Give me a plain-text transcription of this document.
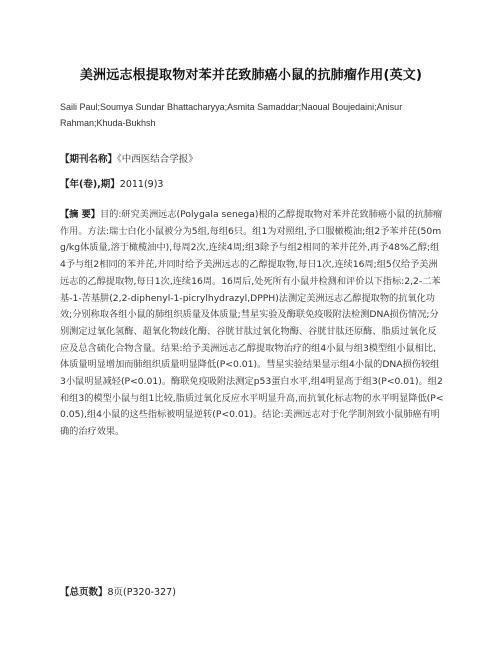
美洲远志根提取物对苯并芘致肺癌小鼠的抗肺瘤作用(英文)
Saili Paul;Soumya Sundar Bhattacharyya;Asmita Samaddar;Naoual Boujedaini;Anisur Rahman;Khuda-Bukhsh
【期刊名称】《中西医结合学报》
【年(卷),期】2011(9)3
【摘 要】目的:研究美洲远志(Polygala senega)根的乙醇提取物对苯并芘致肺癌小鼠的抗肺瘤作用。方法:瑞士白化小鼠被分为5组,每组6只。组1为对照组,予口服橄榄油;组2予苯并芘(50mg/kg体质量,溶于橄榄油中),每周2次,连续4周;组3除予与组2相同的苯并芘外,再予48%乙醇;组4予与组2相同的苯并芘,并同时给予美洲远志的乙醇提取物,每日1次,连续16周;组5仅给予美洲远志的乙醇提取物,每日1次,连续16周。16周后,处死所有小鼠并检测和评价以下指标:2,2-二苯基-1-苦基肼(2,2-diphenyl-1-picrylhydrazyl,DPPH)法测定美洲远志乙醇提取物的抗氧化功效;分别称取各组小鼠的肺组织质量及体质量;彗星实验及酶联免疫吸附法检测DNA损伤情况;分别测定过氧化氢酶、超氧化物歧化酶、谷胱甘肽过氧化物酶、谷胱甘肽还原酶、脂质过氧化反应及总含硫化合物含量。结果:给予美洲远志乙醇提取物治疗的组4小鼠与组3模型组小鼠相比,体质量明显增加而肺组织质量明显降低(P<0.01)。彗星实验结果显示组4小鼠的DNA损伤较组3小鼠明显减轻(P<0.01)。酶联免疫吸附法测定p53蛋白水平,组4明显高于组3(P<0.01)。组2和组3的模型小鼠与组1比较,脂质过氧化反应水平明显升高,而抗氧化标志物的水平明显降低(P<0.05),组4小鼠的这些指标被明显逆转(P<0.01)。结论:美洲远志对于化学制剂致小鼠肺癌有明确的治疗效果。
【总页数】8页(P320-327)
